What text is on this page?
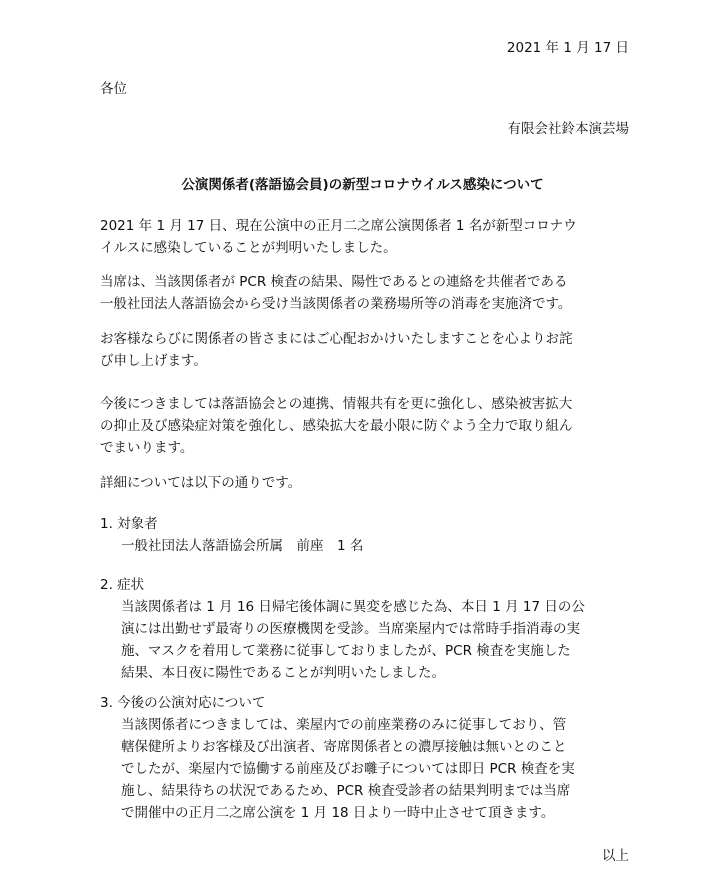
2021 年 1 月 17 日
各位
有限会社鈴本演芸場
公演関係者(落語協会員)の新型コロナウイルス感染について
2021 年 1 月 17 日、現在公演中の正月二之席公演関係者 1 名が新型コロナウ
イルスに感染していることが判明いたしました。
当席は、当該関係者が PCR 検査の結果、陽性であるとの連絡を共催者である
一般社団法人落語協会から受け当該関係者の業務場所等の消毒を実施済です。
お客様ならびに関係者の皆さまにはご心配おかけいたしますことを心よりお詫
び申し上げます。
今後につきましては落語協会との連携、情報共有を更に強化し、感染被害拡大
の抑止及び感染症対策を強化し、感染拡大を最小限に防ぐよう全力で取り組ん
でまいります。
詳細については以下の通りです。
1. 対象者
一般社団法人落語協会所属　前座　1 名
2. 症状
当該関係者は 1 月 16 日帰宅後体調に異変を感じた為、本日 1 月 17 日の公
演には出勤せず最寄りの医療機関を受診。当席楽屋内では常時手指消毒の実
施、マスクを着用して業務に従事しておりましたが、PCR 検査を実施した
結果、本日夜に陽性であることが判明いたしました。
3. 今後の公演対応について
当該関係者につきましては、楽屋内での前座業務のみに従事しており、管
轄保健所よりお客様及び出演者、寄席関係者との濃厚接触は無いとのこと
でしたが、楽屋内で協働する前座及びお囃子については即日 PCR 検査を実
施し、結果待ちの状況であるため、PCR 検査受診者の結果判明までは当席
で開催中の正月二之席公演を 1 月 18 日より一時中止させて頂きます。
以上
